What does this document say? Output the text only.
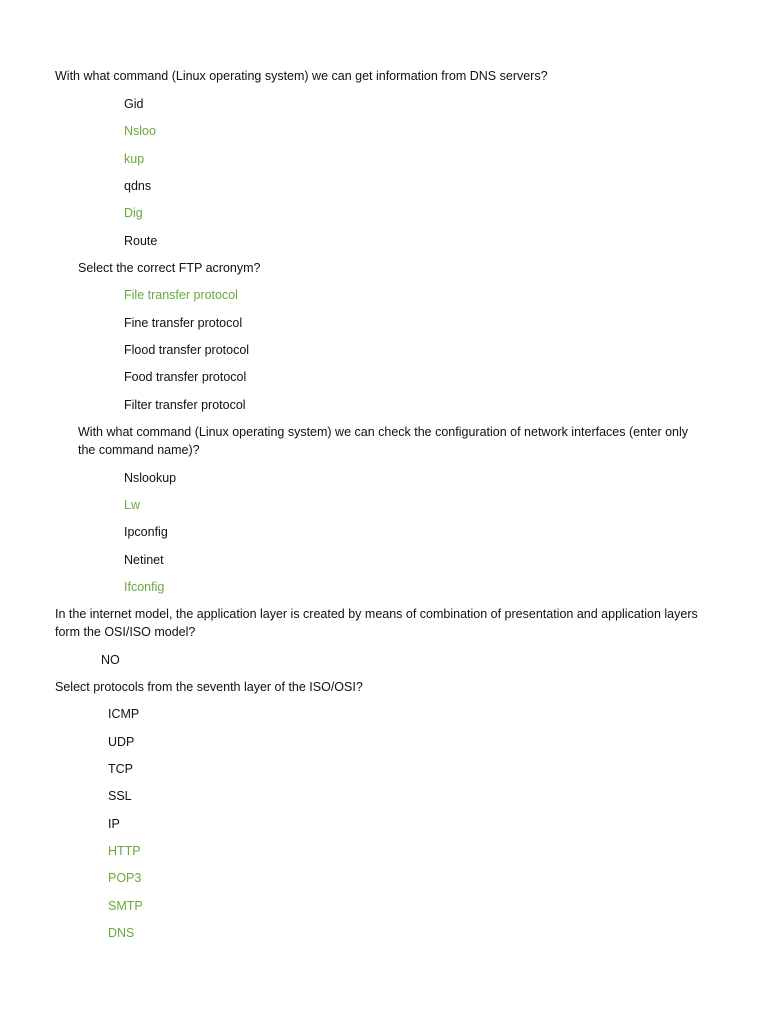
With what command (Linux operating system) we can get information from DNS servers?
Gid
Nsloo
kup
qdns
Dig
Route
Select the correct FTP acronym?
File transfer protocol
Fine transfer protocol
Flood transfer protocol
Food transfer protocol
Filter transfer protocol
With what command (Linux operating system) we can check the configuration of network interfaces (enter only the command name)?
Nslookup
Lw
Ipconfig
Netinet
Ifconfig
In the internet model, the application layer is created by means of combination of presentation and application layers form the OSI/ISO model?
NO
Select protocols from the seventh layer of the ISO/OSI?
ICMP
UDP
TCP
SSL
IP
HTTP
POP3
SMTP
DNS
